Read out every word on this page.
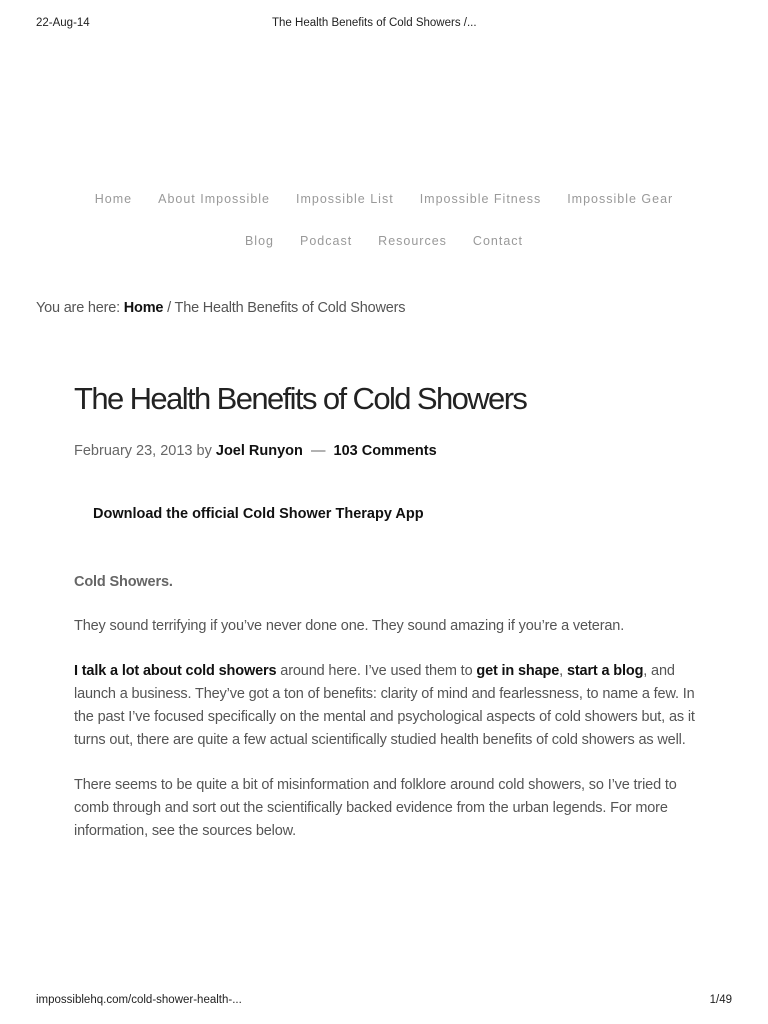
22-Aug-14	The Health Benefits of Cold Showers /...
Home About Impossible Impossible List Impossible Fitness Impossible Gear
Blog Podcast Resources Contact
You are here: Home / The Health Benefits of Cold Showers
The Health Benefits of Cold Showers
February 23, 2013 by Joel Runyon — 103 Comments
Download the official Cold Shower Therapy App

Cold Showers.

They sound terrifying if you’ve never done one. They sound amazing if you’re a veteran.

I talk a lot about cold showers around here. I’ve used them to get in shape, start a blog, and launch a business. They’ve got a ton of benefits: clarity of mind and fearlessness, to name a few. In the past I’ve focused specifically on the mental and psychological aspects of cold showers but, as it turns out, there are quite a few actual scientifically studied health benefits of cold showers as well.

There seems to be quite a bit of misinformation and folklore around cold showers, so I’ve tried to comb through and sort out the scientifically backed evidence from the urban legends. For more information, see the sources below.

impossiblehq.com/cold-shower-health-...	1/49
